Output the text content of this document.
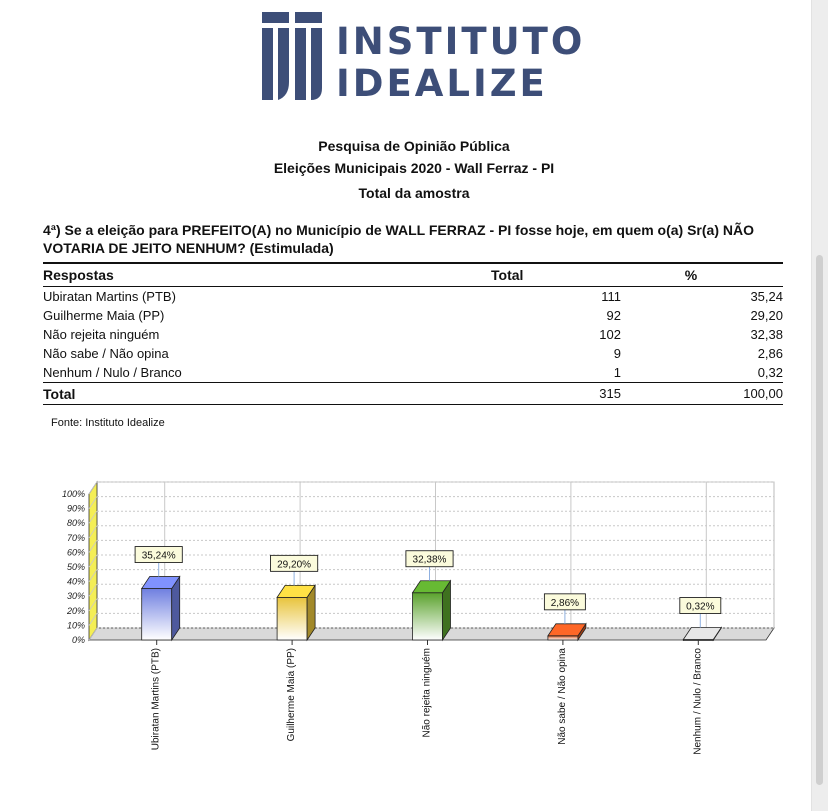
INSTITUTO
IDEALIZE
Pesquisa de Opinião Pública
Eleições Municipais 2020 - Wall Ferraz - PI
Total da amostra
4ª) Se a eleição para PREFEITO(A) no Município de WALL FERRAZ - PI fosse hoje, em quem o(a) Sr(a) NÃO VOTARIA DE JEITO NENHUM? (Estimulada)
Respostas	Total	%
Ubiratan Martins (PTB)	111	35,24
Guilherme Maia (PP)	92	29,20
Não rejeita ninguém	102	32,38
Não sabe / Não opina	9	2,86
Nenhum / Nulo / Branco	1	0,32
Total	315	100,00
Fonte: Instituto Idealize
0%
10%
20%
30%
40%
50%
60%
70%
80%
90%
100%
35,24%
Ubiratan Martins (PTB)
29,20%
Guilherme Maia (PP)
32,38%
Não rejeita ninguém
2,86%
Não sabe / Não opina
0,32%
Nenhum / Nulo / Branco
